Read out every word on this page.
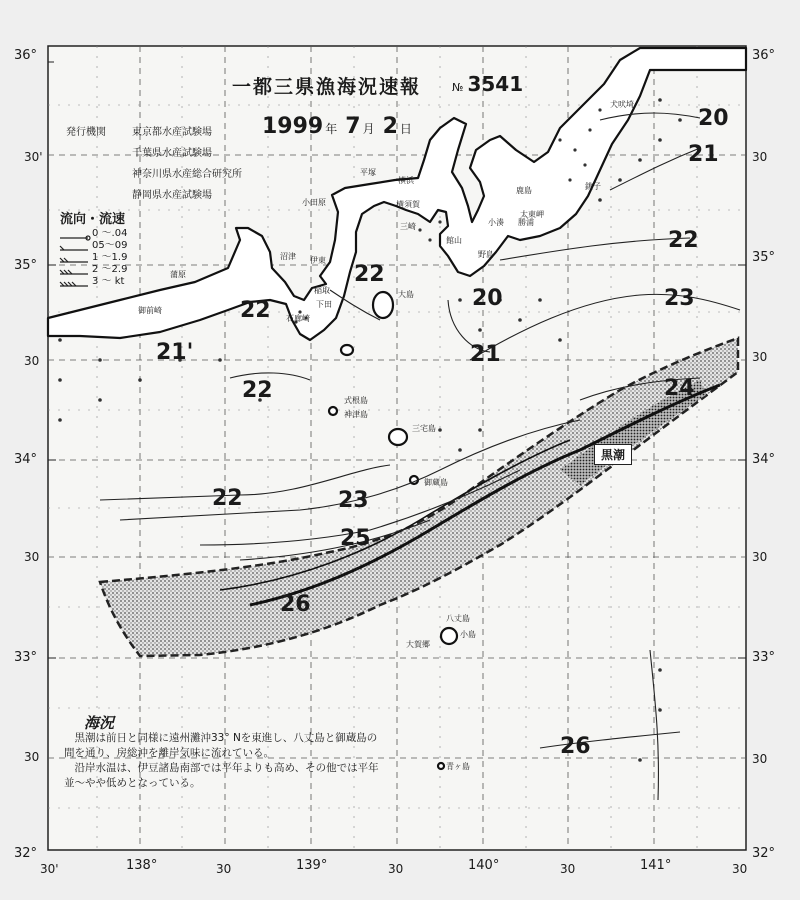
36°
30'
35°
30
34°
30
33°
30
32°
36°
30
35°
30
34°
30
33°
30
32°
30'	138°	30	139°	30	140°	30	141°	30
一都三県漁海況速報	№ 3541
1999 年 7 月 2 日
発行機関	東京都水産試験場
千葉県水産試験場
神奈川県水産総合研究所
静岡県水産試験場
流向・流速
0 ～.04
05～09
1 ～1.9
2 ～2.9
3 ～ kt
20
21
22
23
24
20
21
22
22
21'
22
22	23
25
26
26
黒潮
犬吠埼
銚子
鹿島
太東岬
勝浦
小湊
横浜
平塚
小田原	横須賀
三崎
館山
野島
沼津 伊東
稲取
下田
石廊崎
大島
蒲原
御前崎
式根島
神津島
三宅島
御蔵島
八丈島
小島
大賀郷
青ヶ島
海況

黒潮は前日と同様に遠州灘沖33° Nを東進し、八丈島と御蔵島の間を通り、房総沖を離岸気味に流れている。

沿岸水温は、伊豆諸島南部では平年よりも高め、その他では平年並～やや低めとなっている。
